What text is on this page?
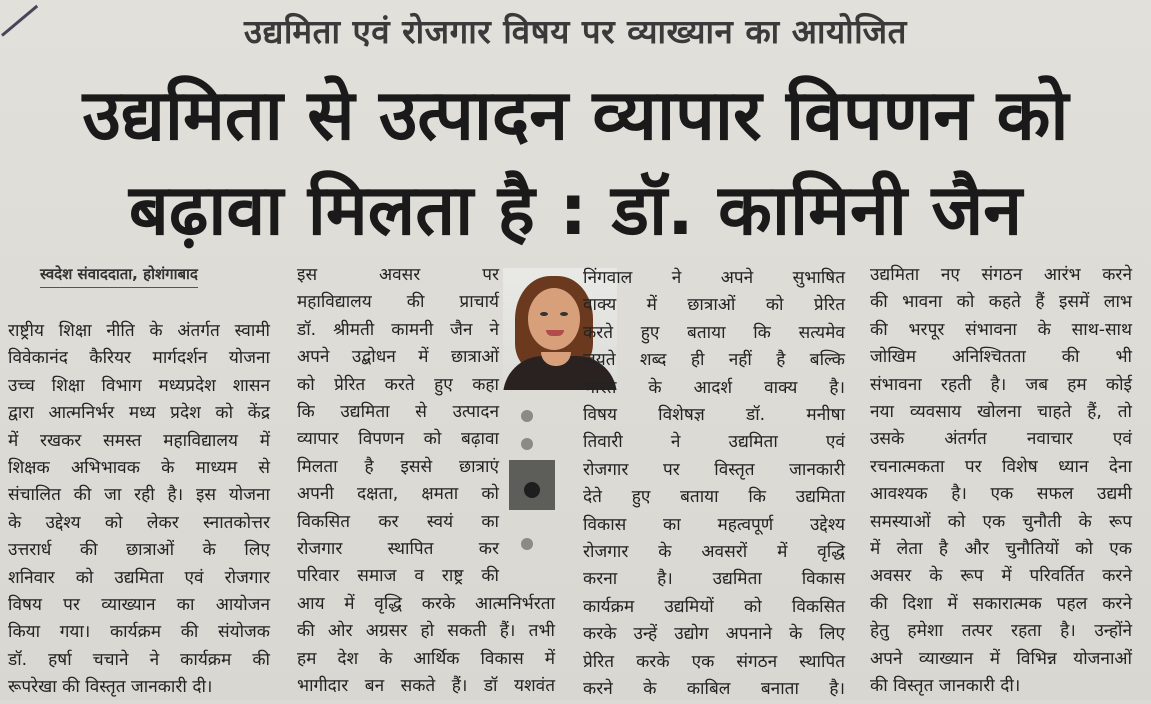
उद्यमिता एवं रोजगार विषय पर व्याख्यान का आयोजित
उद्यमिता से उत्पादन व्यापार विपणन को
बढ़ावा मिलता है : डॉ. कामिनी जैन
स्वदेश संवाददाता, होशंगाबाद

राष्ट्रीय शिक्षा नीति के अंतर्गत स्वामी

विवेकानंद कैरियर मार्गदर्शन योजना

उच्च शिक्षा विभाग मध्यप्रदेश शासन

द्वारा आत्मनिर्भर मध्य प्रदेश को केंद्र

में रखकर समस्त महाविद्यालय में

शिक्षक अभिभावक के माध्यम से

संचालित की जा रही है। इस योजना

के उद्देश्य को लेकर स्नातकोत्तर

उत्तरार्ध की छात्राओं के लिए

शनिवार को उद्यमिता एवं रोजगार

विषय पर व्याख्यान का आयोजन

किया गया। कार्यक्रम की संयोजक

डॉ. हर्षा चचाने ने कार्यक्रम की

रूपरेखा की विस्तृत जानकारी दी।

इस अवसर पर

महाविद्यालय की प्राचार्य

डॉ. श्रीमती कामनी जैन ने

अपने उद्बोधन में छात्राओं

को प्रेरित करते हुए कहा

कि उद्यमिता से उत्पादन

व्यापार विपणन को बढ़ावा

मिलता है इससे छात्राएं

अपनी दक्षता, क्षमता को

विकसित कर स्वयं का

रोजगार स्थापित कर

परिवार समाज व राष्ट्र की

आय में वृद्धि करके आत्मनिर्भरता

की ओर अग्रसर हो सकती हैं। तभी

हम देश के आर्थिक विकास में

भागीदार बन सकते हैं। डॉ यशवंत

निंगवाल ने अपने सुभाषित

वाक्य में छात्राओं को प्रेरित

करते हुए बताया कि सत्यमेव

जयते शब्द ही नहीं है बल्कि

भारत के आदर्श वाक्य है।

विषय विशेषज्ञ डॉ. मनीषा

तिवारी ने उद्यमिता एवं

रोजगार पर विस्तृत जानकारी

देते हुए बताया कि उद्यमिता

विकास का महत्वपूर्ण उद्देश्य

रोजगार के अवसरों में वृद्धि

करना है। उद्यमिता विकास

कार्यक्रम उद्यमियों को विकसित

करके उन्हें उद्योग अपनाने के लिए

प्रेरित करके एक संगठन स्थापित

करने के काबिल बनाता है।

उद्यमिता नए संगठन आरंभ करने

की भावना को कहते हैं इसमें लाभ

की भरपूर संभावना के साथ-साथ

जोखिम अनिश्चितता की भी

संभावना रहती है। जब हम कोई

नया व्यवसाय खोलना चाहते हैं, तो

उसके अंतर्गत नवाचार एवं

रचनात्मकता पर विशेष ध्यान देना

आवश्यक है। एक सफल उद्यमी

समस्याओं को एक चुनौती के रूप

में लेता है और चुनौतियों को एक

अवसर के रूप में परिवर्तित करने

की दिशा में सकारात्मक पहल करने

हेतु हमेशा तत्पर रहता है। उन्होंने

अपने व्याख्यान में विभिन्न योजनाओं

की विस्तृत जानकारी दी।
